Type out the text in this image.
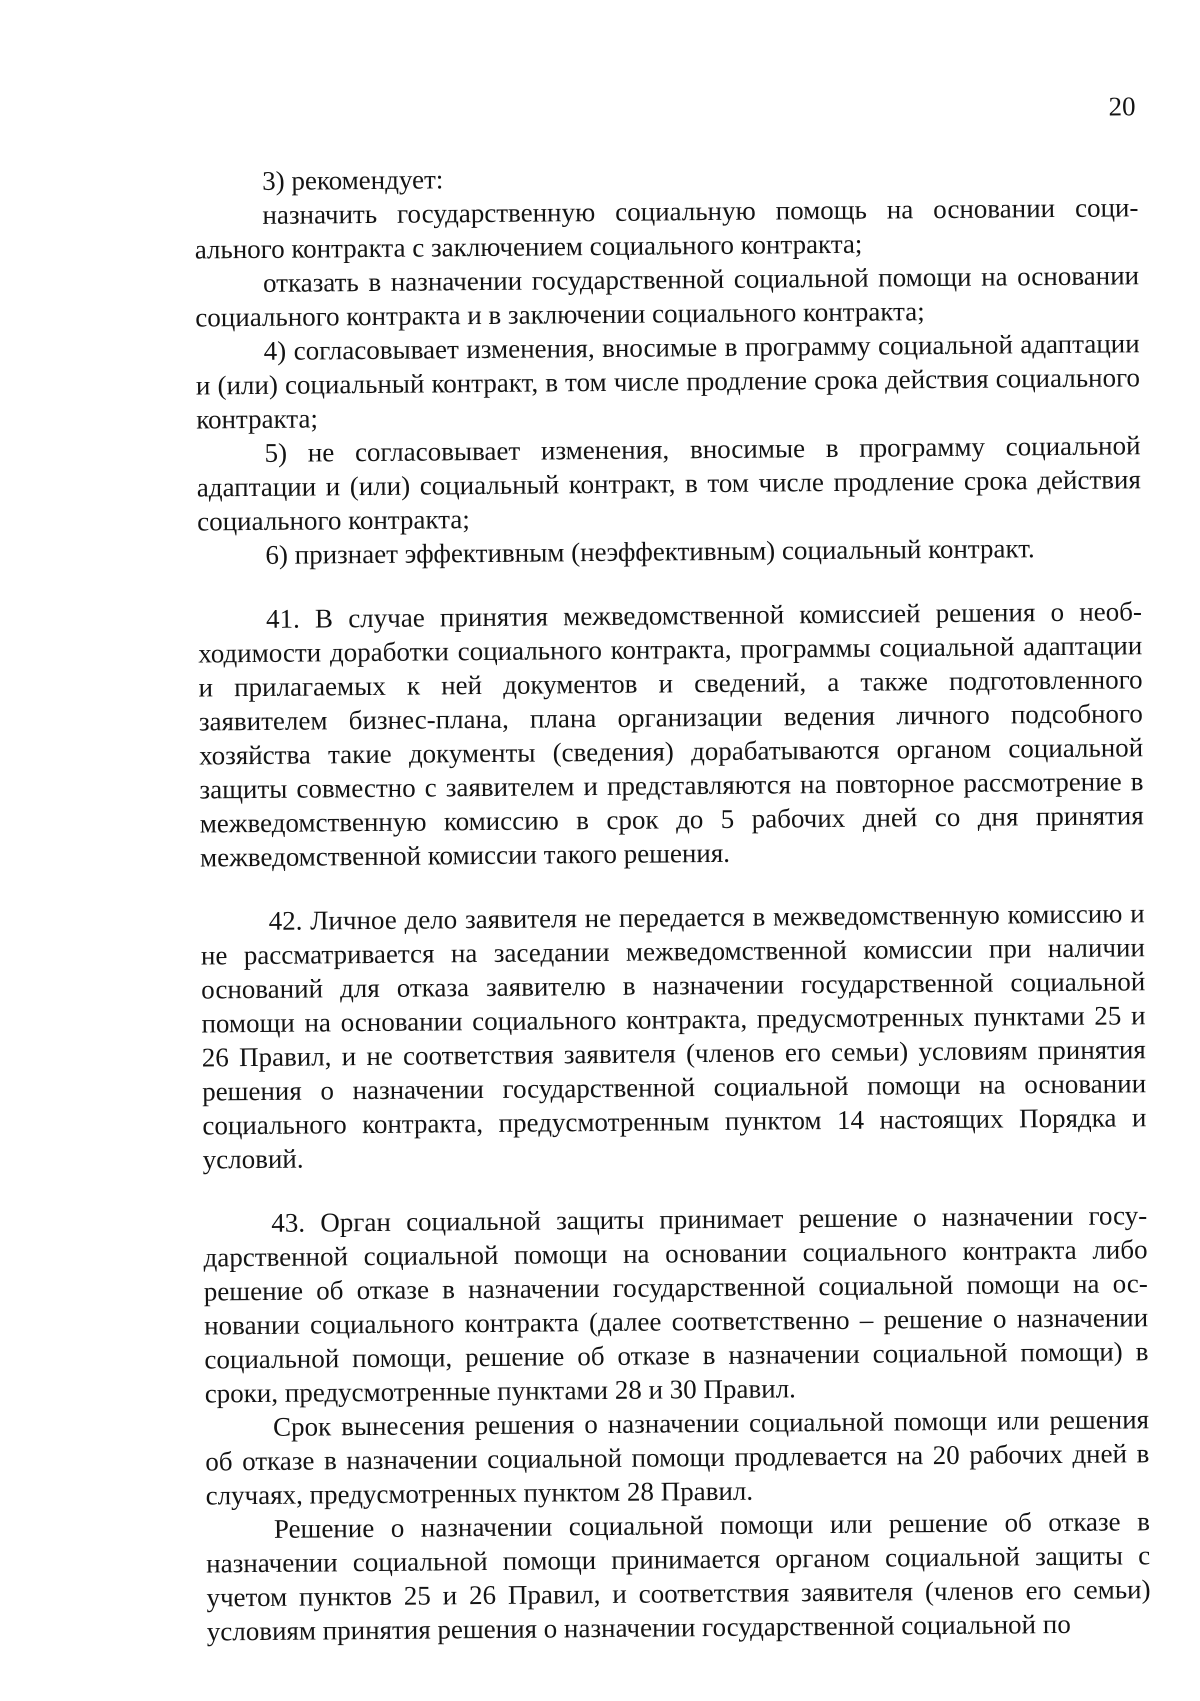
20

3) рекомендует:

назначить государственную социальную помощь на основании социального контракта с заключением социального контракта;

отказать в назначении государственной социальной помощи на основании социального контракта и в заключении социального контракта;

4) согласовывает изменения, вносимые в программу социальной адаптации и (или) социальный контракт, в том числе продление срока действия социального контракта;

5) не согласовывает изменения, вносимые в программу социальной адаптации и (или) социальный контракт, в том числе продление срока действия социального контракта;

6) признает эффективным (неэффективным) социальный контракт.

41. В случае принятия межведомственной комиссией решения о необходимости доработки социального контракта, программы социальной адаптации и прилагаемых к ней документов и сведений, а также подготовленного заявителем бизнес-плана, плана организации ведения личного подсобного хозяйства такие документы (сведения) дорабатываются органом социальной защиты совместно с заявителем и представляются на повторное рассмотрение в межведомственную комиссию в срок до 5 рабочих дней со дня принятия межведомственной комиссии такого решения.

42. Личное дело заявителя не передается в межведомственную комиссию и не рассматривается на заседании межведомственной комиссии при наличии оснований для отказа заявителю в назначении государственной социальной помощи на основании социального контракта, предусмотренных пунктами 25 и 26 Правил, и не соответствия заявителя (членов его семьи) условиям принятия решения о назначении государственной социальной помощи на основании социального контракта, предусмотренным пунктом 14 настоящих Порядка и условий.

43. Орган социальной защиты принимает решение о назначении государственной социальной помощи на основании социального контракта либо решение об отказе в назначении государственной социальной помощи на основании социального контракта (далее соответственно – решение о назначении социальной помощи, решение об отказе в назначении социальной помощи) в сроки, предусмотренные пунктами 28 и 30 Правил.

Срок вынесения решения о назначении социальной помощи или решения об отказе в назначении социальной помощи продлевается на 20 рабочих дней в случаях, предусмотренных пунктом 28 Правил.

Решение о назначении социальной помощи или решение об отказе в назначении социальной помощи принимается органом социальной защиты с учетом пунктов 25 и 26 Правил, и соответствия заявителя (членов его семьи) условиям принятия решения о назначении государственной социальной по
